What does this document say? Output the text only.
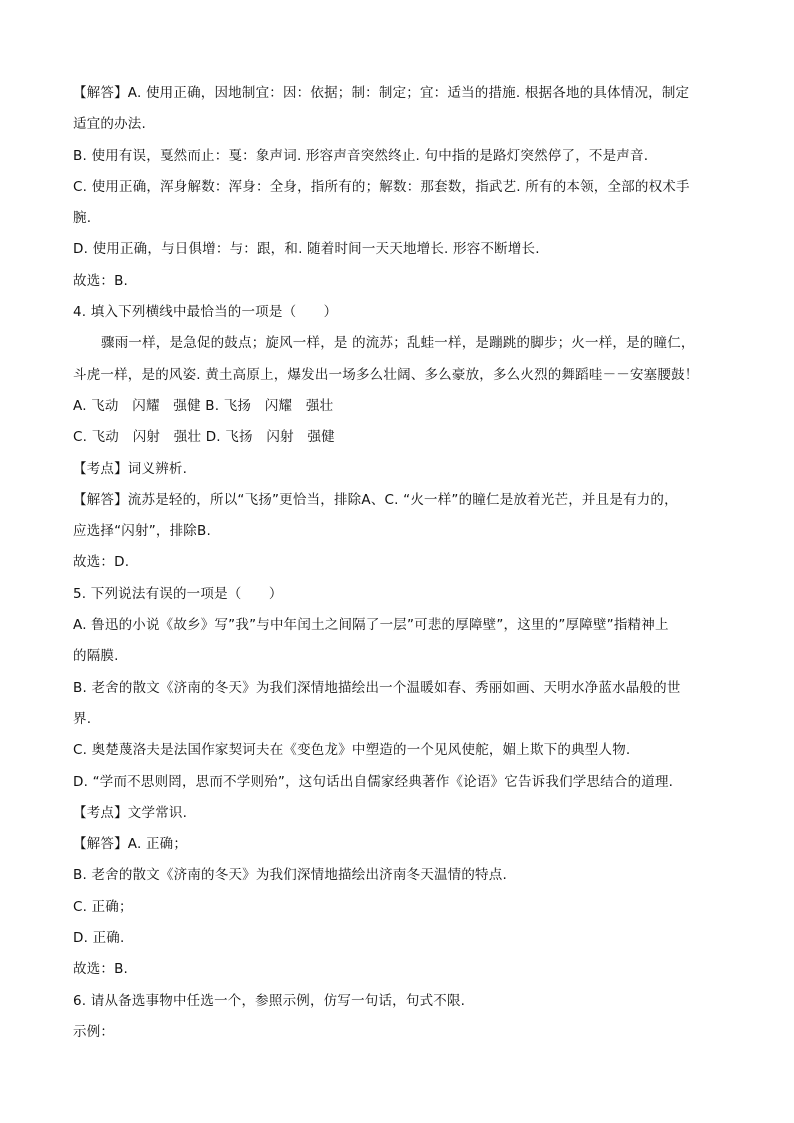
【解答】A. 使用正确，因地制宜：因：依据；制：制定；宜：适当的措施. 根据各地的具体情况，制定
适宜的办法.
B. 使用有误，戛然而止：戛：象声词. 形容声音突然终止. 句中指的是路灯突然停了，不是声音.
C. 使用正确，浑身解数：浑身：全身，指所有的；解数：那套数，指武艺. 所有的本领，全部的权术手
腕.
D. 使用正确，与日俱增：与：跟，和. 随着时间一天天地增长. 形容不断增长.
故选：B.
4. 填入下列横线中最恰当的一项是（　　）
骤雨一样，是急促的鼓点；旋风一样，是 的流苏；乱蛙一样，是蹦跳的脚步；火一样，是的瞳仁，
斗虎一样，是的风姿. 黄土高原上，爆发出一场多么壮阔、多么豪放，多么火烈的舞蹈哇－－安塞腰鼓！
A. 飞动　闪耀　强健 B. 飞扬　闪耀　强壮
C. 飞动　闪射　强壮 D. 飞扬　闪射　强健
【考点】词义辨析.
【解答】流苏是轻的，所以“飞扬”更恰当，排除A、C. “火一样”的瞳仁是放着光芒，并且是有力的，
应选择“闪射”，排除B.
故选：D.
5. 下列说法有误的一项是（　　）
A. 鲁迅的小说《故乡》写”我”与中年闰土之间隔了一层”可悲的厚障壁”，这里的”厚障壁”指精神上
的隔膜.
B. 老舍的散文《济南的冬天》为我们深情地描绘出一个温暖如春、秀丽如画、天明水净蓝水晶般的世
界.
C. 奥楚蔑洛夫是法国作家契诃夫在《变色龙》中塑造的一个见风使舵，媚上欺下的典型人物.
D. “学而不思则罔，思而不学则殆”，这句话出自儒家经典著作《论语》它告诉我们学思结合的道理.
【考点】文学常识.
【解答】A. 正确；
B. 老舍的散文《济南的冬天》为我们深情地描绘出济南冬天温情的特点.
C. 正确；
D. 正确.
故选：B.
6. 请从备选事物中任选一个，参照示例，仿写一句话，句式不限.
示例：
